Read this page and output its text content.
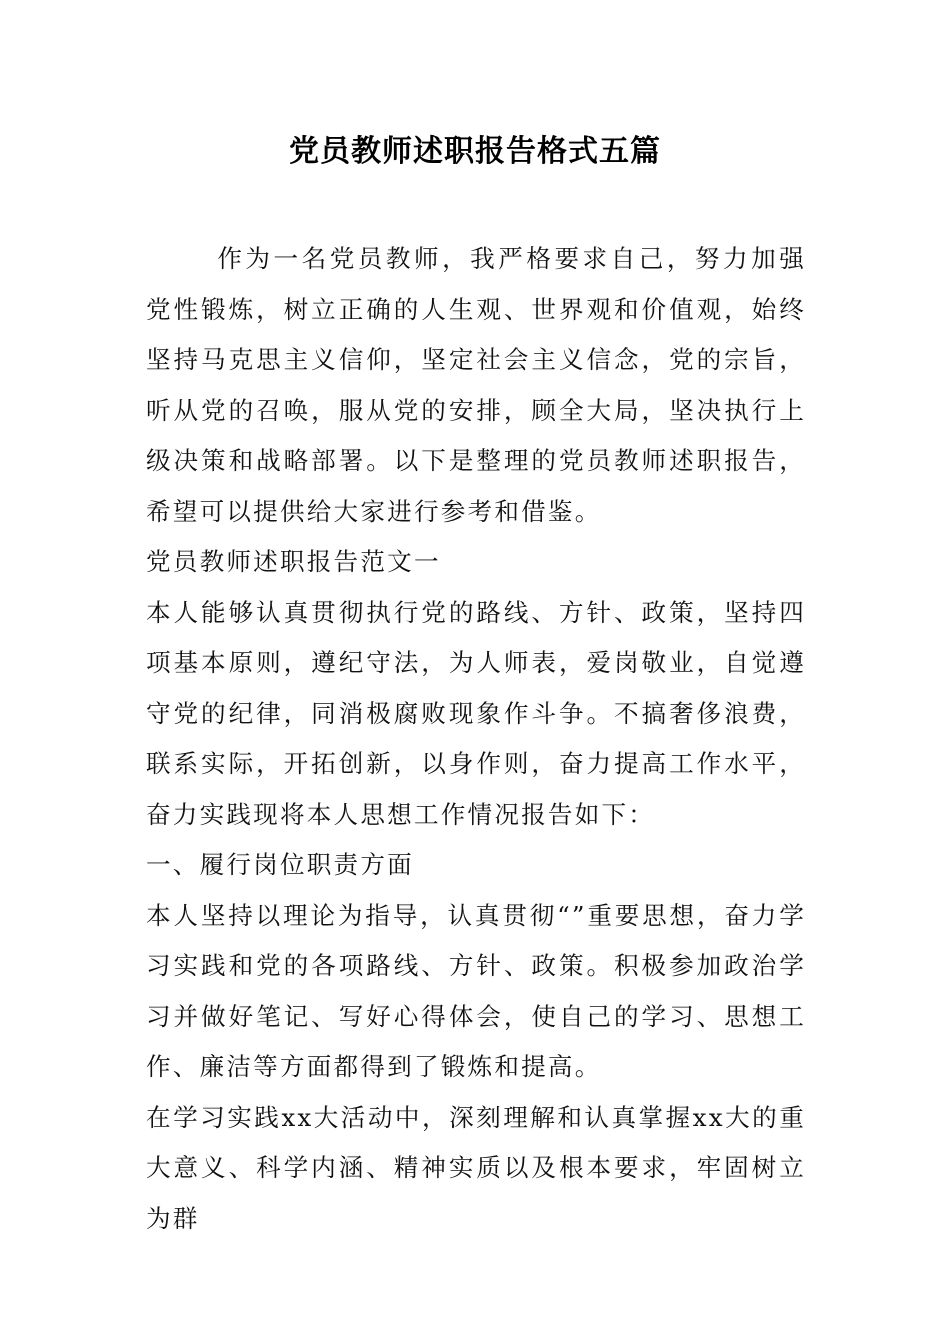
党员教师述职报告格式五篇

作为一名党员教师，我严格要求自己，努力加强党性锻炼，树立正确的人生观、世界观和价值观，始终坚持马克思主义信仰，坚定社会主义信念，党的宗旨，听从党的召唤，服从党的安排，顾全大局，坚决执行上级决策和战略部署。以下是整理的党员教师述职报告，希望可以提供给大家进行参考和借鉴。

党员教师述职报告范文一

本人能够认真贯彻执行党的路线、方针、政策，坚持四项基本原则，遵纪守法，为人师表，爱岗敬业，自觉遵守党的纪律，同消极腐败现象作斗争。不搞奢侈浪费，联系实际，开拓创新，以身作则，奋力提高工作水平，奋力实践现将本人思想工作情况报告如下：

一、履行岗位职责方面

本人坚持以理论为指导，认真贯彻“”重要思想，奋力学习实践和党的各项路线、方针、政策。积极参加政治学习并做好笔记、写好心得体会，使自己的学习、思想工作、廉洁等方面都得到了锻炼和提高。

在学习实践xx大活动中，深刻理解和认真掌握xx大的重大意义、科学内涵、精神实质以及根本要求，牢固树立为群
